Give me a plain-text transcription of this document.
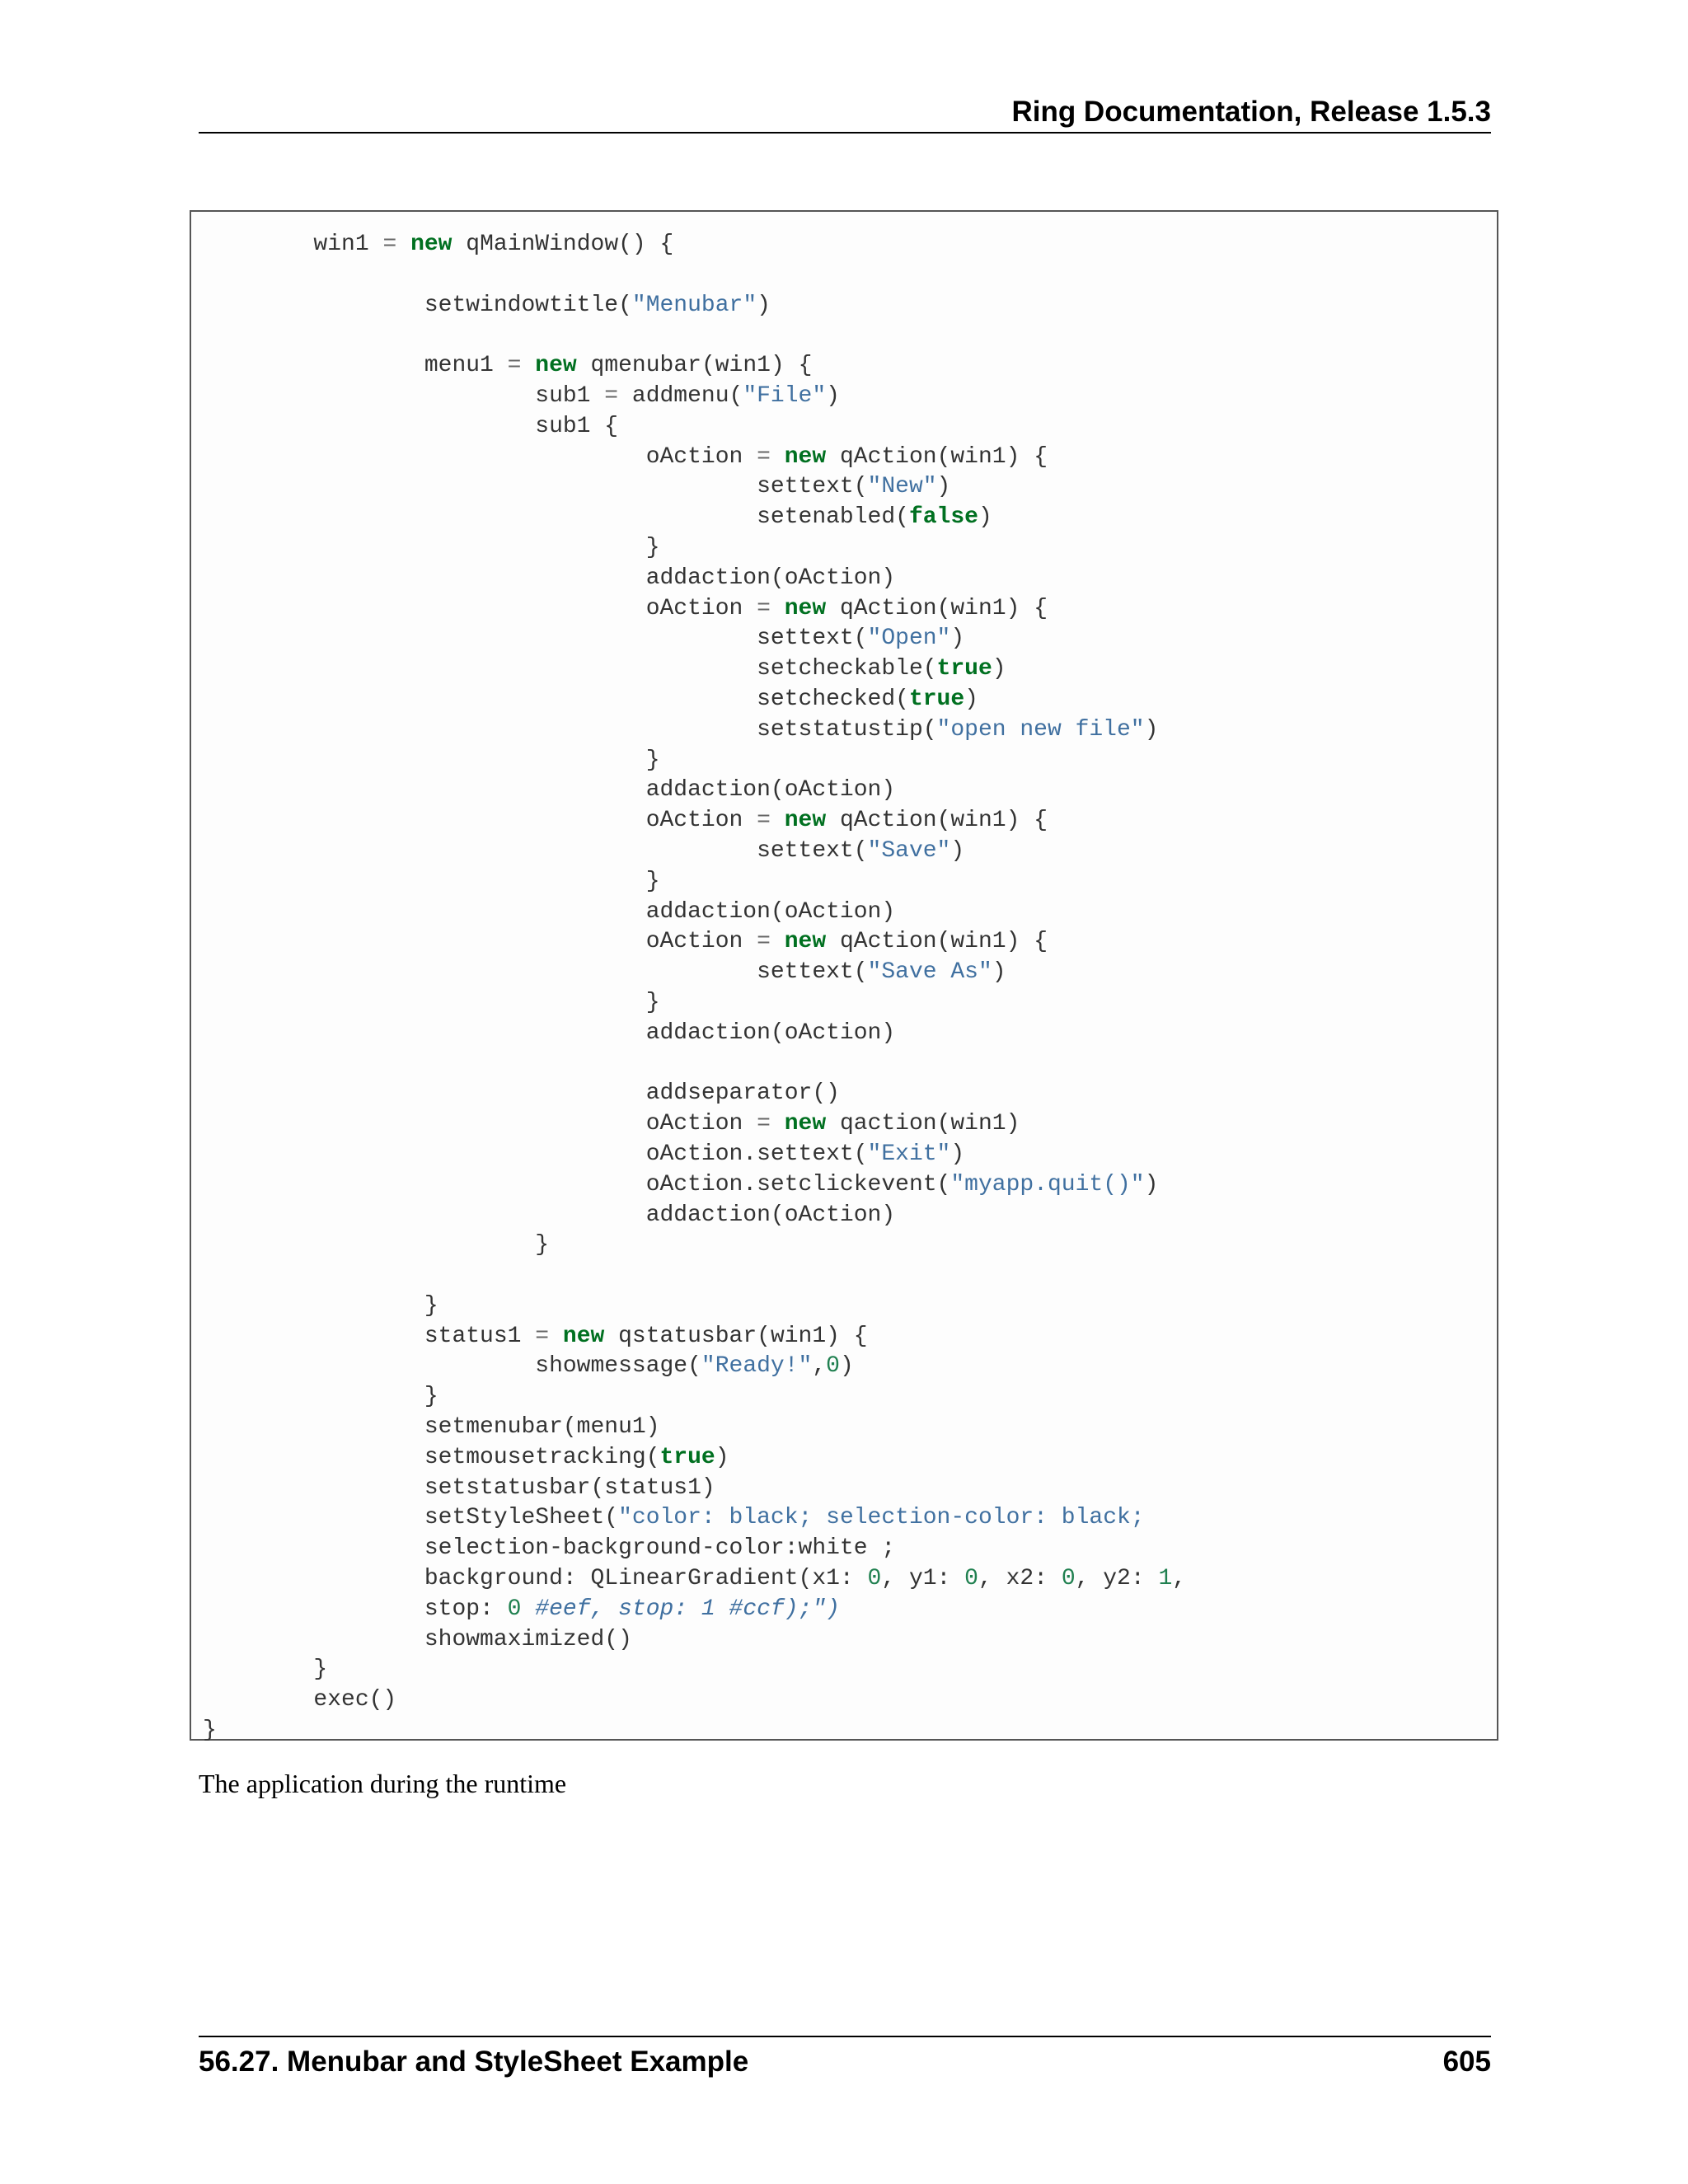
Ring Documentation, Release 1.5.3
win1 = new qMainWindow() {
setwindowtitle("Menubar")
menu1 = new qmenubar(win1) {
sub1 = addmenu("File")
sub1 {
oAction = new qAction(win1) {
settext("New")
setenabled(false)
}
addaction(oAction)
oAction = new qAction(win1) {
settext("Open")
setcheckable(true)
setchecked(true)
setstatustip("open new file")
}
addaction(oAction)
oAction = new qAction(win1) {
settext("Save")
}
addaction(oAction)
oAction = new qAction(win1) {
settext("Save As")
}
addaction(oAction)
addseparator()
oAction = new qaction(win1)
oAction.settext("Exit")
oAction.setclickevent("myapp.quit()")
addaction(oAction)
}
}
status1 = new qstatusbar(win1) {
showmessage("Ready!",0)
}
setmenubar(menu1)
setmousetracking(true)
setstatusbar(status1)
setStyleSheet("color: black; selection-color: black;
selection-background-color:white ;
background: QLinearGradient(x1: 0, y1: 0, x2: 0, y2: 1,
stop: 0 #eef, stop: 1 #ccf);")
showmaximized()
}
exec()
}
The application during the runtime
56.27. Menubar and StyleSheet Example	605
